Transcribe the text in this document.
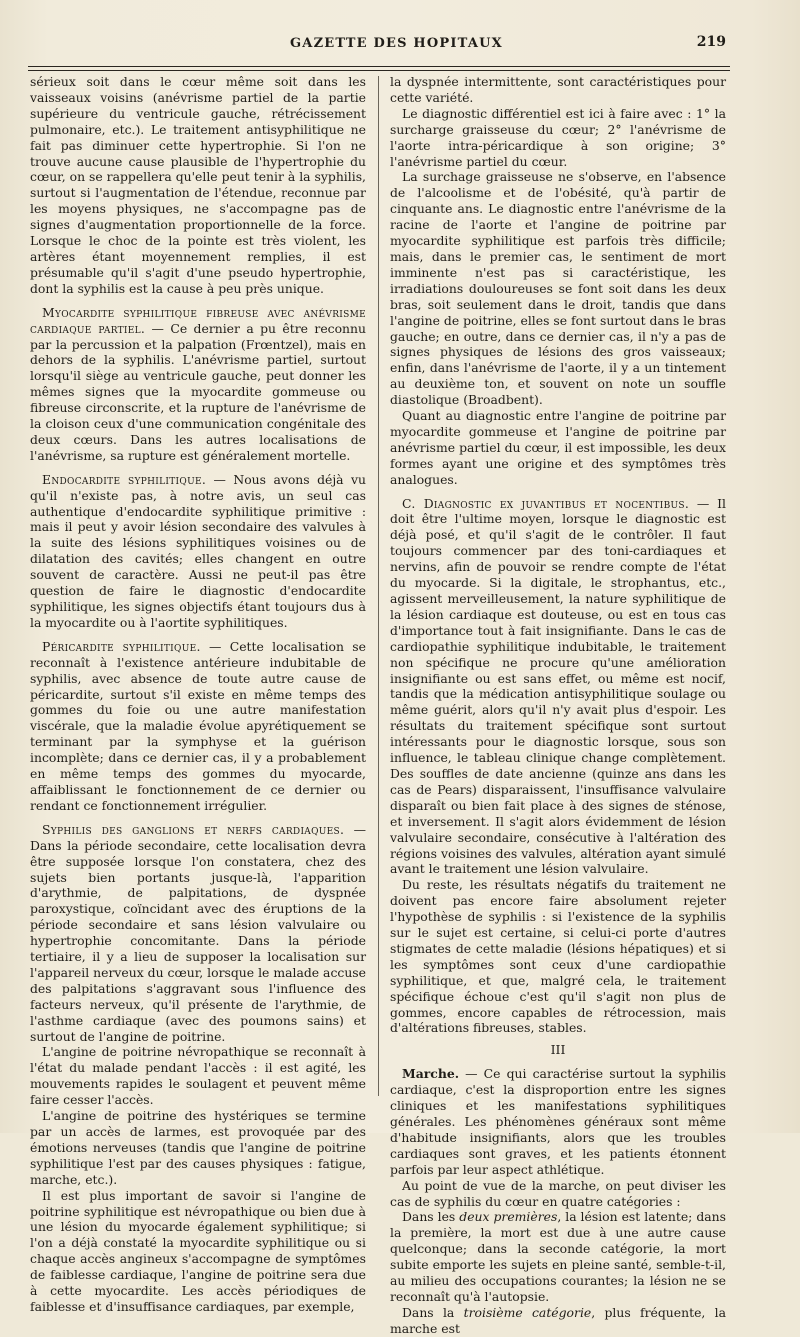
GAZETTE DES HOPITAUX	219

sérieux soit dans le cœur même soit dans les vaisseaux voisins (anévrisme partiel de la partie supérieure du ventricule gauche, rétrécissement pulmonaire, etc.). Le traitement antisyphilitique ne fait pas diminuer cette hypertrophie. Si l'on ne trouve aucune cause plausible de l'hypertrophie du cœur, on se rappellera qu'elle peut tenir à la syphilis, surtout si l'augmentation de l'étendue, reconnue par les moyens physiques, ne s'accompagne pas de signes d'augmentation proportionnelle de la force. Lorsque le choc de la pointe est très violent, les artères étant moyennement remplies, il est présumable qu'il s'agit d'une pseudo hypertrophie, dont la syphilis est la cause à peu près unique.

Myocardite syphilitique fibreuse avec anévrisme cardiaque partiel. — Ce dernier a pu être reconnu par la percussion et la palpation (Frœntzel), mais en dehors de la syphilis. L'anévrisme partiel, surtout lorsqu'il siège au ventricule gauche, peut donner les mêmes signes que la myocardite gommeuse ou fibreuse circonscrite, et la rupture de l'anévrisme de la cloison ceux d'une communication congénitale des deux cœurs. Dans les autres localisations de l'anévrisme, sa rupture est généralement mortelle.

Endocardite syphilitique. — Nous avons déjà vu qu'il n'existe pas, à notre avis, un seul cas authentique d'endocardite syphilitique primitive : mais il peut y avoir lésion secondaire des valvules à la suite des lésions syphilitiques voisines ou de dilatation des cavités; elles changent en outre souvent de caractère. Aussi ne peut-il pas être question de faire le diagnostic d'endocardite syphilitique, les signes objectifs étant toujours dus à la myocardite ou à l'aortite syphilitiques.

Péricardite syphilitique. — Cette localisation se reconnaît à l'existence antérieure indubitable de syphilis, avec absence de toute autre cause de péricardite, surtout s'il existe en même temps des gommes du foie ou une autre manifestation viscérale, que la maladie évolue apyrétiquement se terminant par la symphyse et la guérison incomplète; dans ce dernier cas, il y a probablement en même temps des gommes du myocarde, affaiblissant le fonctionnement de ce dernier ou rendant ce fonctionnement irrégulier.

Syphilis des ganglions et nerfs cardiaques. — Dans la période secondaire, cette localisation devra être supposée lorsque l'on constatera, chez des sujets bien portants jusque-là, l'apparition d'arythmie, de palpitations, de dyspnée paroxystique, coïncidant avec des éruptions de la période secondaire et sans lésion valvulaire ou hypertrophie concomitante. Dans la période tertiaire, il y a lieu de supposer la localisation sur l'appareil nerveux du cœur, lorsque le malade accuse des palpitations s'aggravant sous l'influence des facteurs nerveux, qu'il présente de l'arythmie, de l'asthme cardiaque (avec des poumons sains) et surtout de l'angine de poitrine.

L'angine de poitrine névropathique se reconnaît à l'état du malade pendant l'accès : il est agité, les mouvements rapides le soulagent et peuvent même faire cesser l'accès.

L'angine de poitrine des hystériques se termine par un accès de larmes, est provoquée par des émotions nerveuses (tandis que l'angine de poitrine syphilitique l'est par des causes physiques : fatigue, marche, etc.).

Il est plus important de savoir si l'angine de poitrine syphilitique est névropathique ou bien due à une lésion du myocarde également syphilitique; si l'on a déjà constaté la myocardite syphilitique ou si chaque accès angineux s'accompagne de symptômes de faiblesse cardiaque, l'angine de poitrine sera due à cette myocardite. Les accès périodiques de faiblesse et d'insuffisance cardiaques, par exemple,

la dyspnée intermittente, sont caractéristiques pour cette variété.

Le diagnostic différentiel est ici à faire avec : 1° la surcharge graisseuse du cœur; 2° l'anévrisme de l'aorte intra-péricardique à son origine; 3° l'anévrisme partiel du cœur.

La surchage graisseuse ne s'observe, en l'absence de l'alcoolisme et de l'obésité, qu'à partir de cinquante ans. Le diagnostic entre l'anévrisme de la racine de l'aorte et l'angine de poitrine par myocardite syphilitique est parfois très difficile; mais, dans le premier cas, le sentiment de mort imminente n'est pas si caractéristique, les irradiations douloureuses se font soit dans les deux bras, soit seulement dans le droit, tandis que dans l'angine de poitrine, elles se font surtout dans le bras gauche; en outre, dans ce dernier cas, il n'y a pas de signes physiques de lésions des gros vaisseaux; enfin, dans l'anévrisme de l'aorte, il y a un tintement au deuxième ton, et souvent on note un souffle diastolique (Broadbent).

Quant au diagnostic entre l'angine de poitrine par myocardite gommeuse et l'angine de poitrine par anévrisme partiel du cœur, il est impossible, les deux formes ayant une origine et des symptômes très analogues.

C. Diagnostic ex juvantibus et nocentibus. — Il doit être l'ultime moyen, lorsque le diagnostic est déjà posé, et qu'il s'agit de le contrôler. Il faut toujours commencer par des toni-cardiaques et nervins, afin de pouvoir se rendre compte de l'état du myocarde. Si la digitale, le strophantus, etc., agissent merveilleusement, la nature syphilitique de la lésion cardiaque est douteuse, ou est en tous cas d'importance tout à fait insignifiante. Dans le cas de cardiopathie syphilitique indubitable, le traitement non spécifique ne procure qu'une amélioration insignifiante ou est sans effet, ou même est nocif, tandis que la médication antisyphilitique soulage ou même guérit, alors qu'il n'y avait plus d'espoir. Les résultats du traitement spécifique sont surtout intéressants pour le diagnostic lorsque, sous son influence, le tableau clinique change complètement. Des souffles de date ancienne (quinze ans dans les cas de Pears) disparaissent, l'insuffisance valvulaire disparaît ou bien fait place à des signes de sténose, et inversement. Il s'agit alors évidemment de lésion valvulaire secondaire, consécutive à l'altération des régions voisines des valvules, altération ayant simulé avant le traitement une lésion valvulaire.

Du reste, les résultats négatifs du traitement ne doivent pas encore faire absolument rejeter l'hypothèse de syphilis : si l'existence de la syphilis sur le sujet est certaine, si celui-ci porte d'autres stigmates de cette maladie (lésions hépatiques) et si les symptômes sont ceux d'une cardiopathie syphilitique, et que, malgré cela, le traitement spécifique échoue c'est qu'il s'agit non plus de gommes, encore capables de rétrocession, mais d'altérations fibreuses, stables.

III

Marche. — Ce qui caractérise surtout la syphilis cardiaque, c'est la disproportion entre les signes cliniques et les manifestations syphilitiques générales. Les phénomènes généraux sont même d'habitude insignifiants, alors que les troubles cardiaques sont graves, et les patients étonnent parfois par leur aspect athlétique.

Au point de vue de la marche, on peut diviser les cas de syphilis du cœur en quatre catégories :

Dans les deux premières, la lésion est latente; dans la première, la mort est due à une autre cause quelconque; dans la seconde catégorie, la mort subite emporte les sujets en pleine santé, semble-t-il, au milieu des occupations courantes; la lésion ne se reconnaît qu'à l'autopsie.

Dans la troisième catégorie, plus fréquente, la marche est
